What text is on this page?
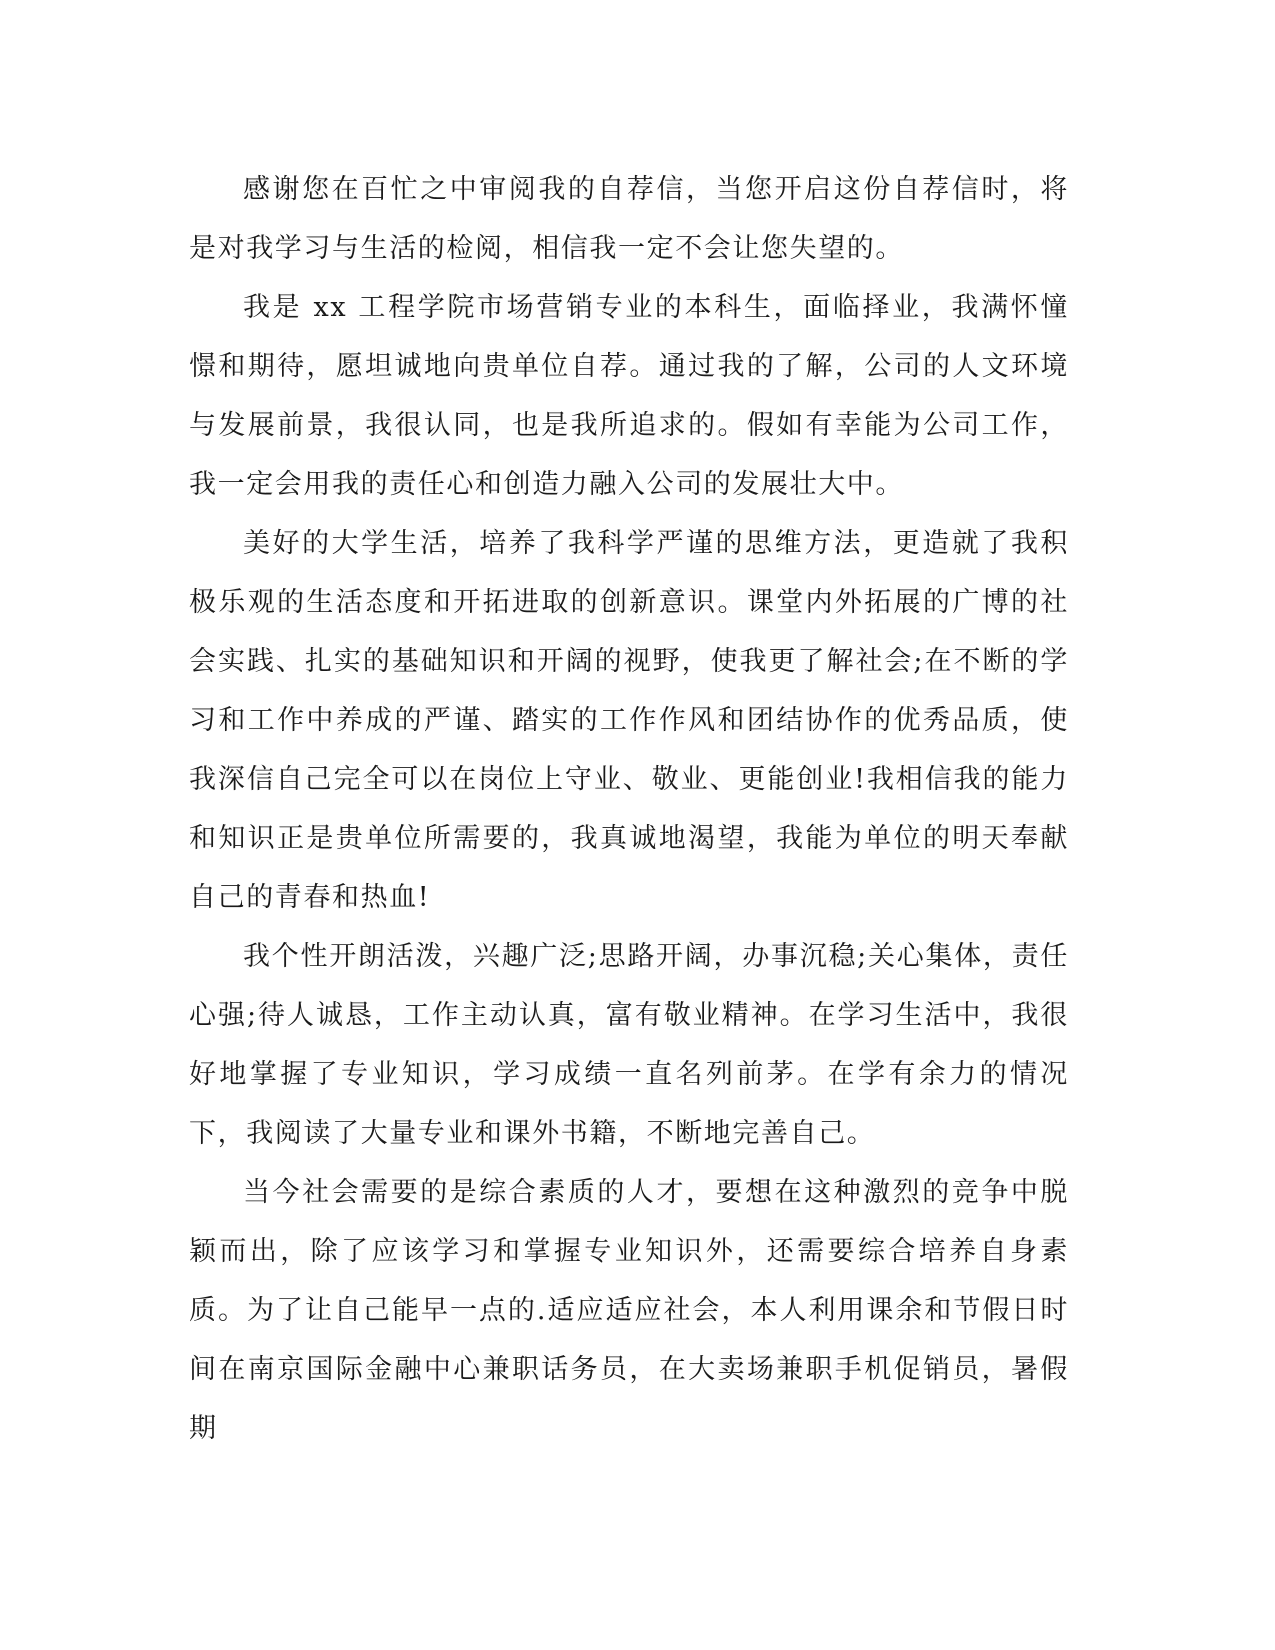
感谢您在百忙之中审阅我的自荐信，当您开启这份自荐信时，将是对我学习与生活的检阅，相信我一定不会让您失望的。

我是 xx 工程学院市场营销专业的本科生，面临择业，我满怀憧憬和期待，愿坦诚地向贵单位自荐。通过我的了解，公司的人文环境与发展前景，我很认同，也是我所追求的。假如有幸能为公司工作，我一定会用我的责任心和创造力融入公司的发展壮大中。

美好的大学生活，培养了我科学严谨的思维方法，更造就了我积极乐观的生活态度和开拓进取的创新意识。课堂内外拓展的广博的社会实践、扎实的基础知识和开阔的视野，使我更了解社会;在不断的学习和工作中养成的严谨、踏实的工作作风和团结协作的优秀品质，使我深信自己完全可以在岗位上守业、敬业、更能创业!我相信我的能力和知识正是贵单位所需要的，我真诚地渴望，我能为单位的明天奉献自己的青春和热血!

我个性开朗活泼，兴趣广泛;思路开阔，办事沉稳;关心集体，责任心强;待人诚恳，工作主动认真，富有敬业精神。在学习生活中，我很好地掌握了专业知识，学习成绩一直名列前茅。在学有余力的情况下，我阅读了大量专业和课外书籍，不断地完善自己。

当今社会需要的是综合素质的人才，要想在这种激烈的竞争中脱颖而出，除了应该学习和掌握专业知识外，还需要综合培养自身素质。为了让自己能早一点的.适应适应社会，本人利用课余和节假日时间在南京国际金融中心兼职话务员，在大卖场兼职手机促销员，暑假期
